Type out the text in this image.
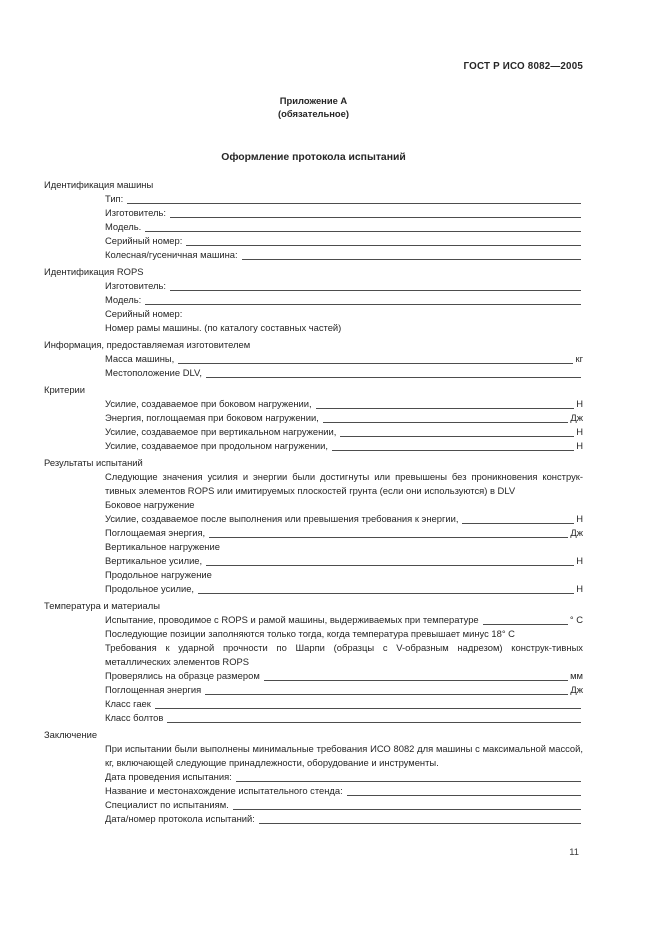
ГОСТ Р ИСО 8082—2005
Приложение А
(обязательное)
Оформление протокола испытаний
Идентификация машины
Тип:
Изготовитель:
Модель.
Серийный номер:
Колесная/гусеничная машина:
Идентификация ROPS
Изготовитель:
Модель:
Серийный номер:
Номер рамы машины. (по каталогу составных частей)
Информация, предоставляемая изготовителем
Масса машины,	кг
Местоположение DLV,
Критерии
Усилие, создаваемое при боковом нагружении,	Н
Энергия, поглощаемая при боковом нагружении,	Дж
Усилие, создаваемое при вертикальном нагружении,	Н
Усилие, создаваемое при продольном нагружении,	Н
Результаты испытаний
Следующие значения усилия и энергии были достигнуты или превышены без проникновения конструк-тивных элементов ROPS или имитируемых плоскостей грунта (если они используются) в DLV
Боковое нагружение
Усилие, создаваемое после выполнения или превышения требования к энергии,	Н
Поглощаемая энергия,	Дж
Вертикальное нагружение
Вертикальное усилие,	Н
Продольное нагружение
Продольное усилие,	Н
Температура и материалы
Испытание, проводимое с ROPS и рамой машины, выдерживаемых при температуре	° С
Последующие позиции заполняются только тогда, когда температура превышает минус 18° С
Требования к ударной прочности по Шарпи (образцы с V-образным надрезом) конструк-тивных металлических элементов ROPS
Проверялись на образце размером	мм
Поглощенная энергия	Дж
Класс гаек
Класс болтов
Заключение
При испытании были выполнены минимальные требования ИСО 8082 для машины с максимальной массой, кг, включающей следующие принадлежности, оборудование и инструменты.
Дата проведения испытания:
Название и местонахождение испытательного стенда:
Специалист по испытаниям.
Дата/номер протокола испытаний:
11
